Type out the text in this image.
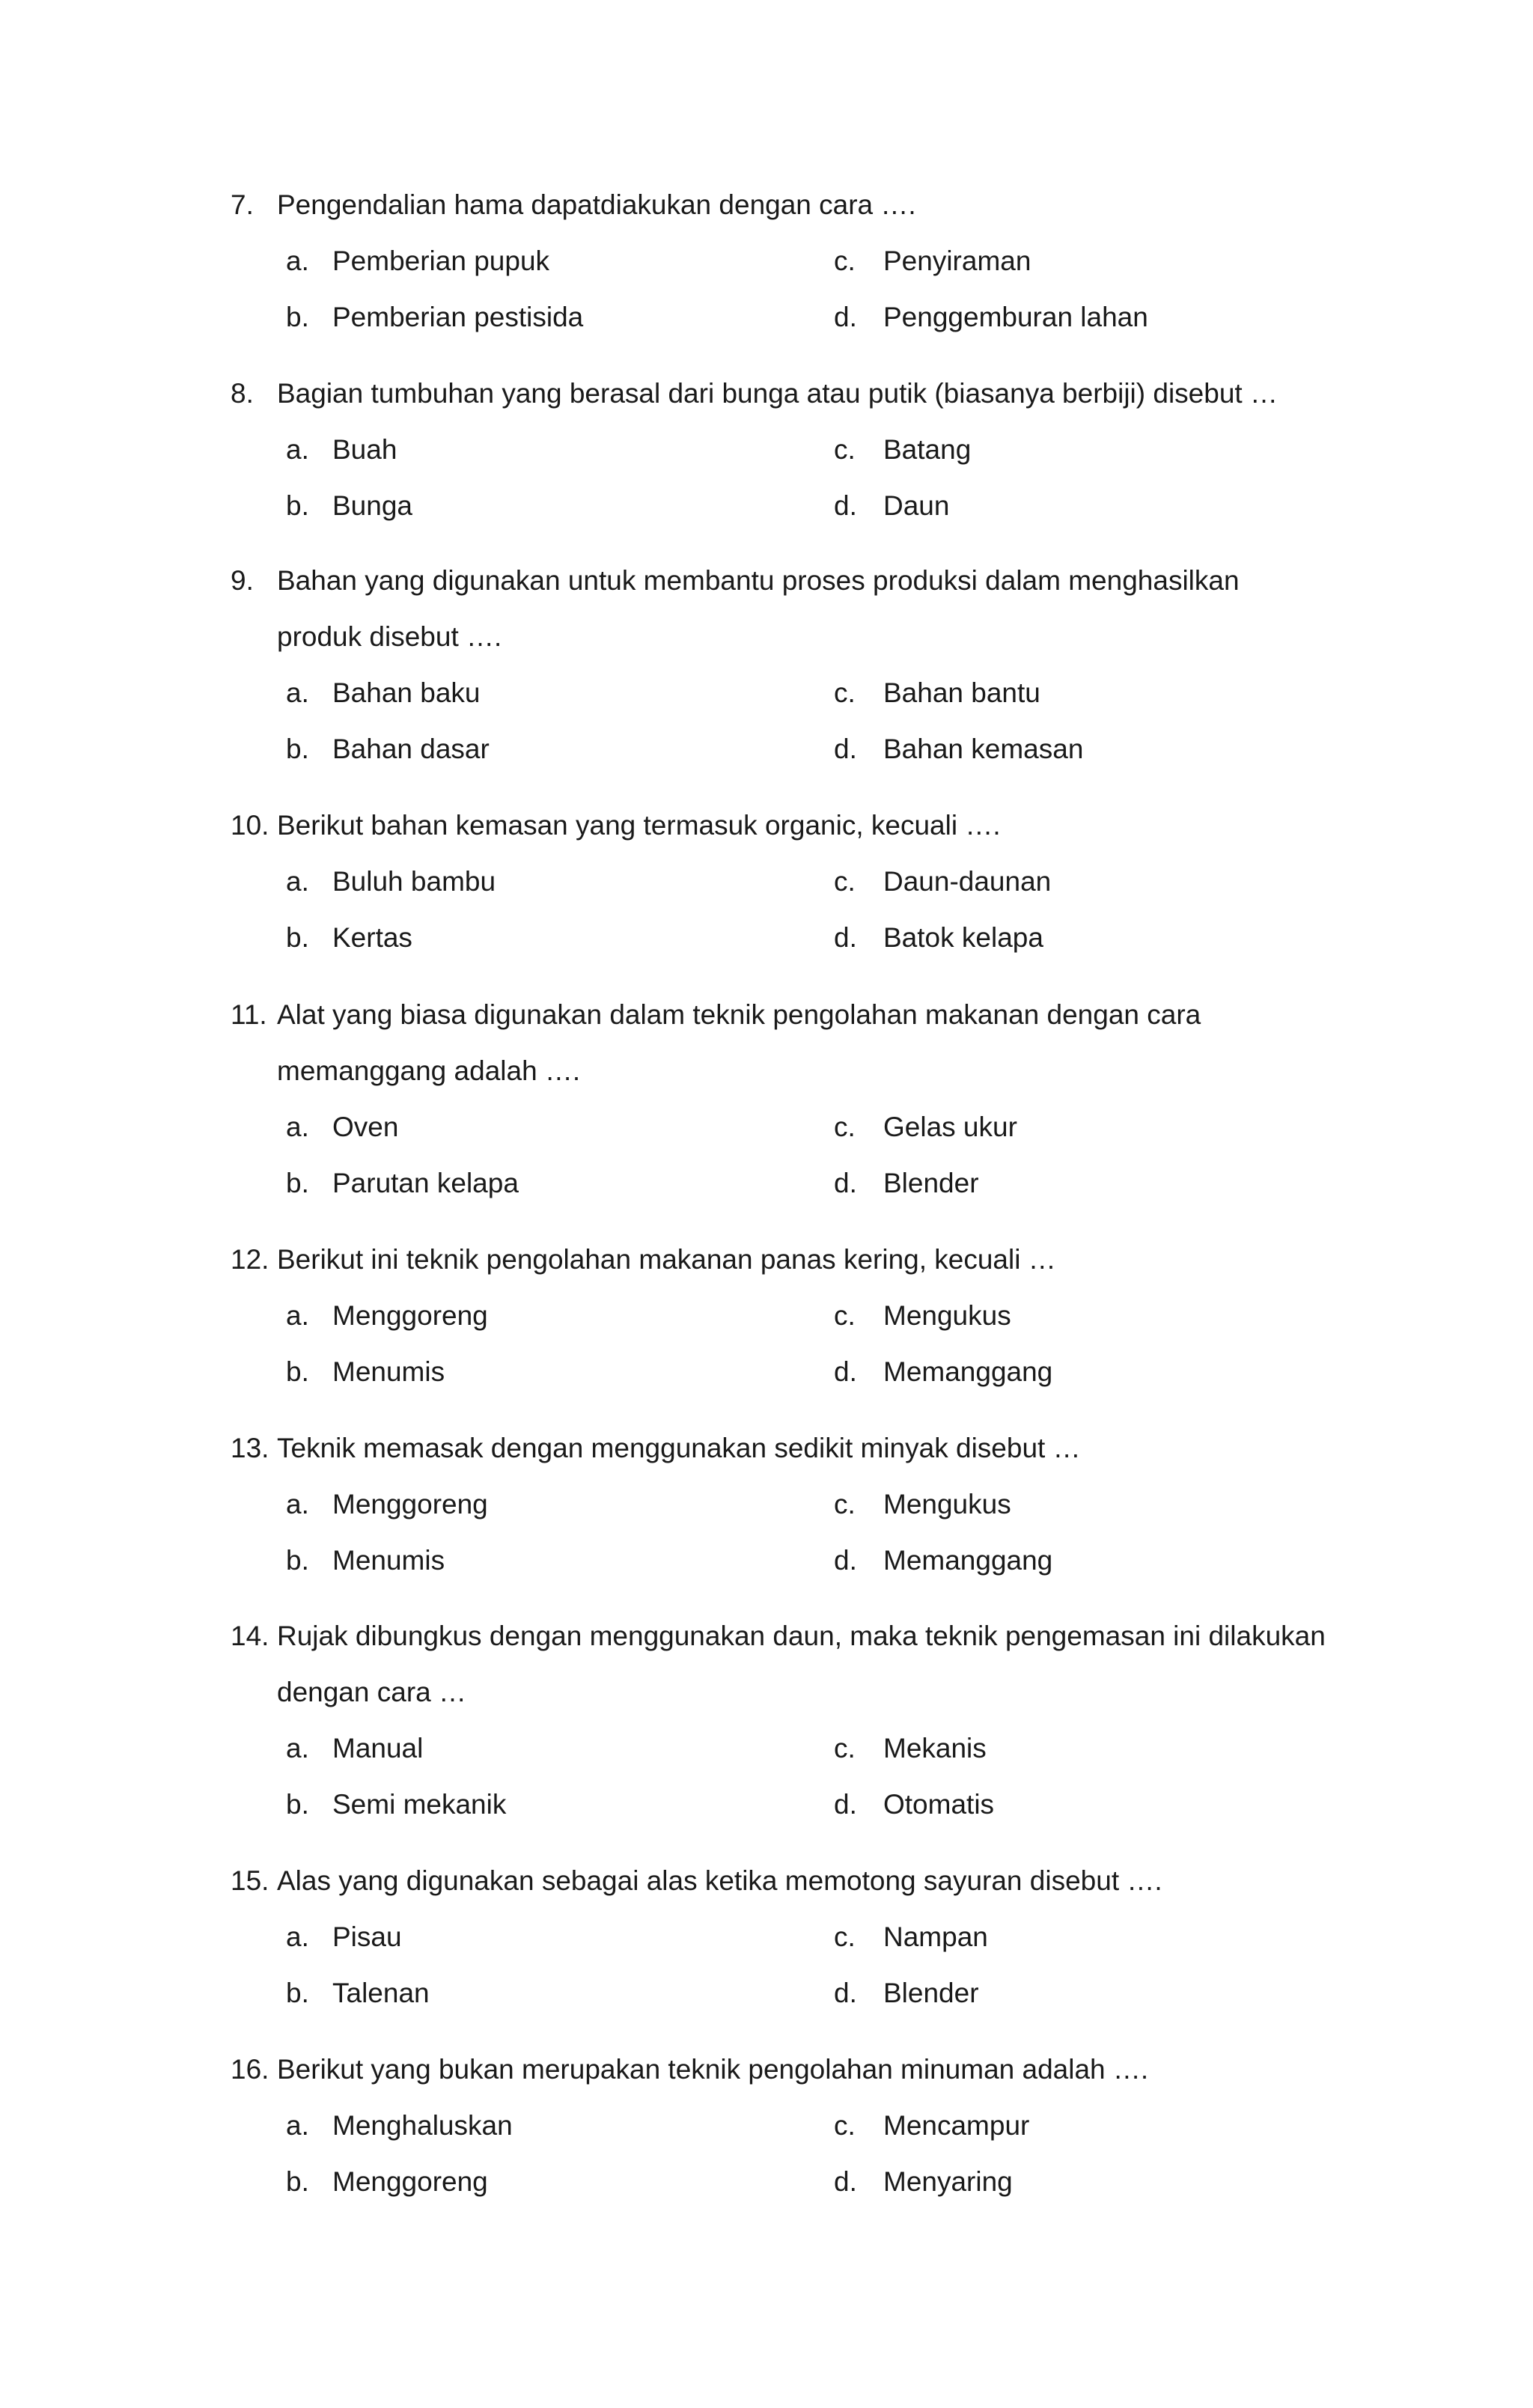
7. Pengendalian hama dapatdiakukan dengan cara ….
a. Pemberian pupuk	c. Penyiraman
b. Pemberian pestisida	d. Penggemburan lahan
8. Bagian tumbuhan yang berasal dari bunga atau putik (biasanya berbiji) disebut …
a. Buah	c. Batang
b. Bunga	d. Daun
9. Bahan yang digunakan untuk membantu proses produksi dalam menghasilkan
produk disebut ….
a. Bahan baku	c. Bahan bantu
b. Bahan dasar	d. Bahan kemasan
10. Berikut bahan kemasan yang termasuk organic, kecuali ….
a. Buluh bambu	c. Daun-daunan
b. Kertas	d. Batok kelapa
11. Alat yang biasa digunakan dalam teknik pengolahan makanan dengan cara
memanggang adalah ….
a. Oven	c. Gelas ukur
b. Parutan kelapa	d. Blender
12. Berikut ini teknik pengolahan makanan panas kering, kecuali …
a. Menggoreng	c. Mengukus
b. Menumis	d. Memanggang
13. Teknik memasak dengan menggunakan sedikit minyak disebut …
a. Menggoreng	c. Mengukus
b. Menumis	d. Memanggang
14. Rujak dibungkus dengan menggunakan daun, maka teknik pengemasan ini dilakukan
dengan cara …
a. Manual	c. Mekanis
b. Semi mekanik	d. Otomatis
15. Alas yang digunakan sebagai alas ketika memotong sayuran disebut ….
a. Pisau	c. Nampan
b. Talenan	d. Blender
16. Berikut yang bukan merupakan teknik pengolahan minuman adalah ….
a. Menghaluskan	c. Mencampur
b. Menggoreng	d. Menyaring
